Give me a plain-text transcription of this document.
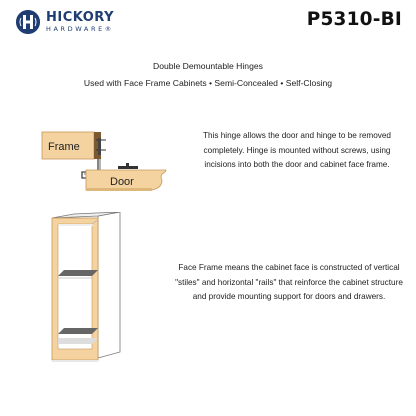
HICKORY
HARDWARE®	P5310-BI
Double Demountable Hinges
Used with Face Frame Cabinets • Semi-Concealed • Self-Closing
Frame
Door
This hinge allows the door and hinge to be removed completely. Hinge is mounted without screws, using incisions into both the door and cabinet face frame.
Face Frame means the cabinet face is constructed of vertical "stiles" and horizontal "rails" that reinforce the cabinet structure and provide mounting support for doors and drawers.
